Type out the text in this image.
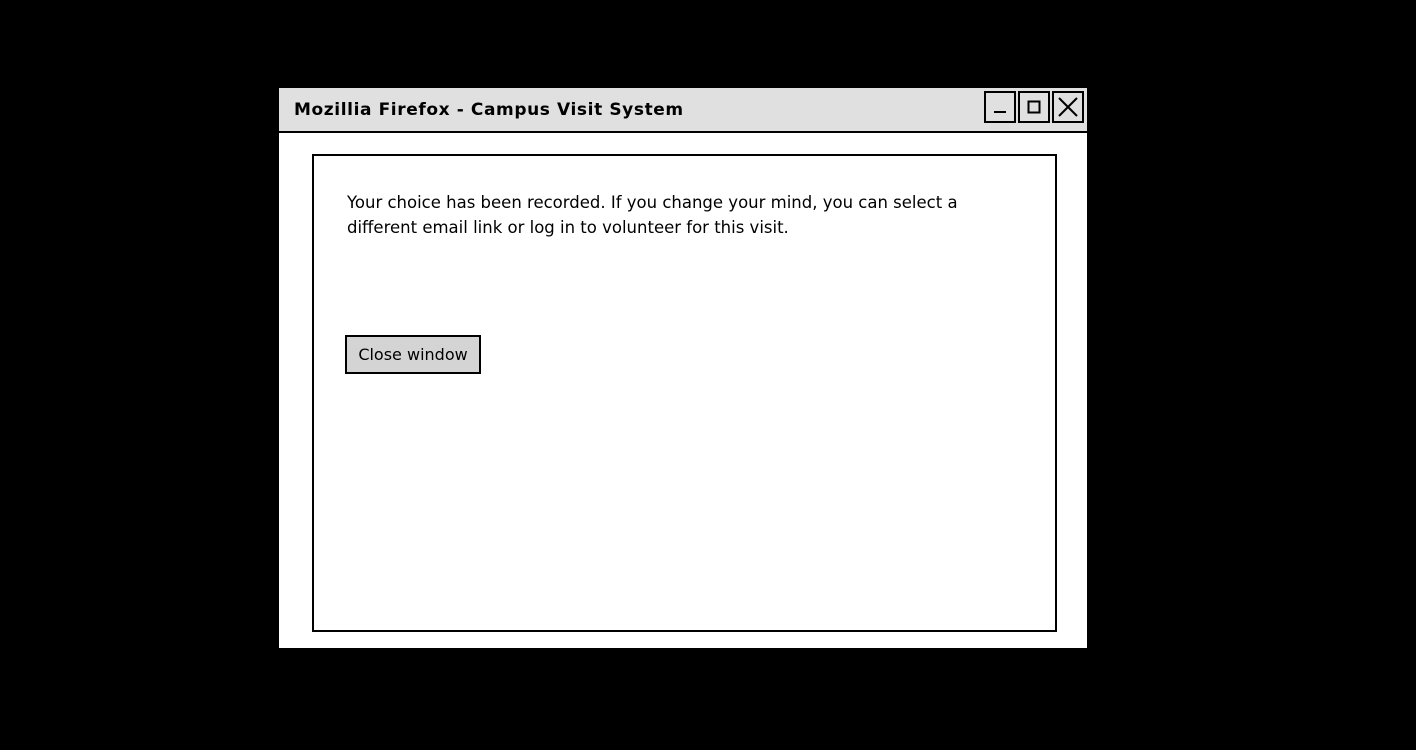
Mozillia Firefox - Campus Visit System
Your choice has been recorded. If you change your mind, you can select a different email link or log in to volunteer for this visit.
Close window
